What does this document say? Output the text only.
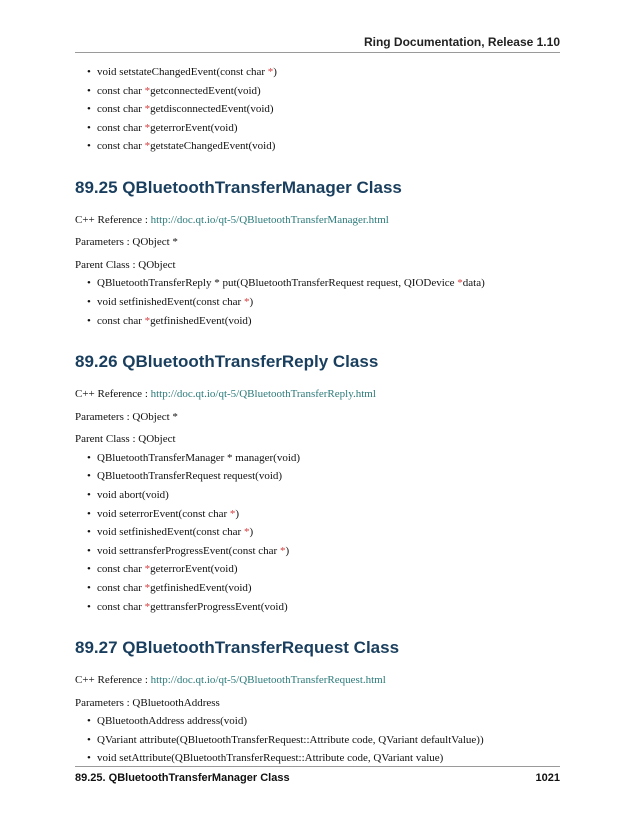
Ring Documentation, Release 1.10
• void setstateChangedEvent(const char *)
• const char *getconnectedEvent(void)
• const char *getdisconnectedEvent(void)
• const char *geterrorEvent(void)
• const char *getstateChangedEvent(void)
89.25 QBluetoothTransferManager Class
C++ Reference : http://doc.qt.io/qt-5/QBluetoothTransferManager.html
Parameters : QObject *
Parent Class : QObject
• QBluetoothTransferReply * put(QBluetoothTransferRequest request, QIODevice *data)
• void setfinishedEvent(const char *)
• const char *getfinishedEvent(void)
89.26 QBluetoothTransferReply Class
C++ Reference : http://doc.qt.io/qt-5/QBluetoothTransferReply.html
Parameters : QObject *
Parent Class : QObject
• QBluetoothTransferManager * manager(void)
• QBluetoothTransferRequest request(void)
• void abort(void)
• void seterrorEvent(const char *)
• void setfinishedEvent(const char *)
• void settransferProgressEvent(const char *)
• const char *geterrorEvent(void)
• const char *getfinishedEvent(void)
• const char *gettransferProgressEvent(void)
89.27 QBluetoothTransferRequest Class
C++ Reference : http://doc.qt.io/qt-5/QBluetoothTransferRequest.html
Parameters : QBluetoothAddress
• QBluetoothAddress address(void)
• QVariant attribute(QBluetoothTransferRequest::Attribute code, QVariant defaultValue))
• void setAttribute(QBluetoothTransferRequest::Attribute code, QVariant value)
89.25. QBluetoothTransferManager Class	1021
